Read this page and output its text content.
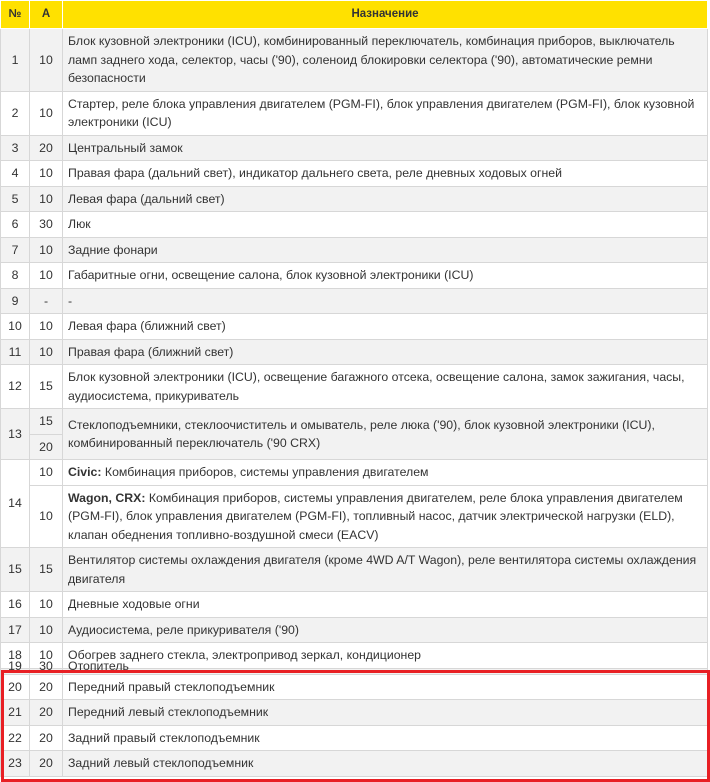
№	А	Назначение
1	10	Блок кузовной электроники (ICU), комбинированный переключатель, комбинация приборов, выключатель ламп заднего хода, селектор, часы ('90), соленоид блокировки селектора ('90), автоматические ремни безопасности
2	10	Стартер, реле блока управления двигателем (PGM-FI), блок управления двигателем (PGM-FI), блок кузовной электроники (ICU)
3	20	Центральный замок
4	10	Правая фара (дальний свет), индикатор дальнего света, реле дневных ходовых огней
5	10	Левая фара (дальний свет)
6	30	Люк
7	10	Задние фонари
8	10	Габаритные огни, освещение салона, блок кузовной электроники (ICU)
9	-	-
10	10	Левая фара (ближний свет)
11	10	Правая фара (ближний свет)
12	15	Блок кузовной электроники (ICU), освещение багажного отсека, освещение салона, замок зажигания, часы, аудиосистема, прикуриватель
13	15	Стеклоподъемники, стеклоочиститель и омыватель, реле люка ('90), блок кузовной электроники (ICU), комбинированный переключатель ('90 CRX)
	20	
14	10	Civic: Комбинация приборов, системы управления двигателем
	10	Wagon, CRX: Комбинация приборов, системы управления двигателем, реле блока управления двигателем (PGM-FI), блок управления двигателем (PGM-FI), топливный насос, датчик электрической нагрузки (ELD), клапан обеднения топливно-воздушной смеси (EACV)
15	15	Вентилятор системы охлаждения двигателя (кроме 4WD A/T Wagon), реле вентилятора системы охлаждения двигателя
16	10	Дневные ходовые огни
17	10	Аудиосистема, реле прикуривателя ('90)
18	10	Обогрев заднего стекла, электропривод зеркал, кондиционер

19	30	Отопитель

20	20	Передний правый стеклоподъемник
21	20	Передний левый стеклоподъемник
22	20	Задний правый стеклоподъемник
23	20	Задний левый стеклоподъемник
